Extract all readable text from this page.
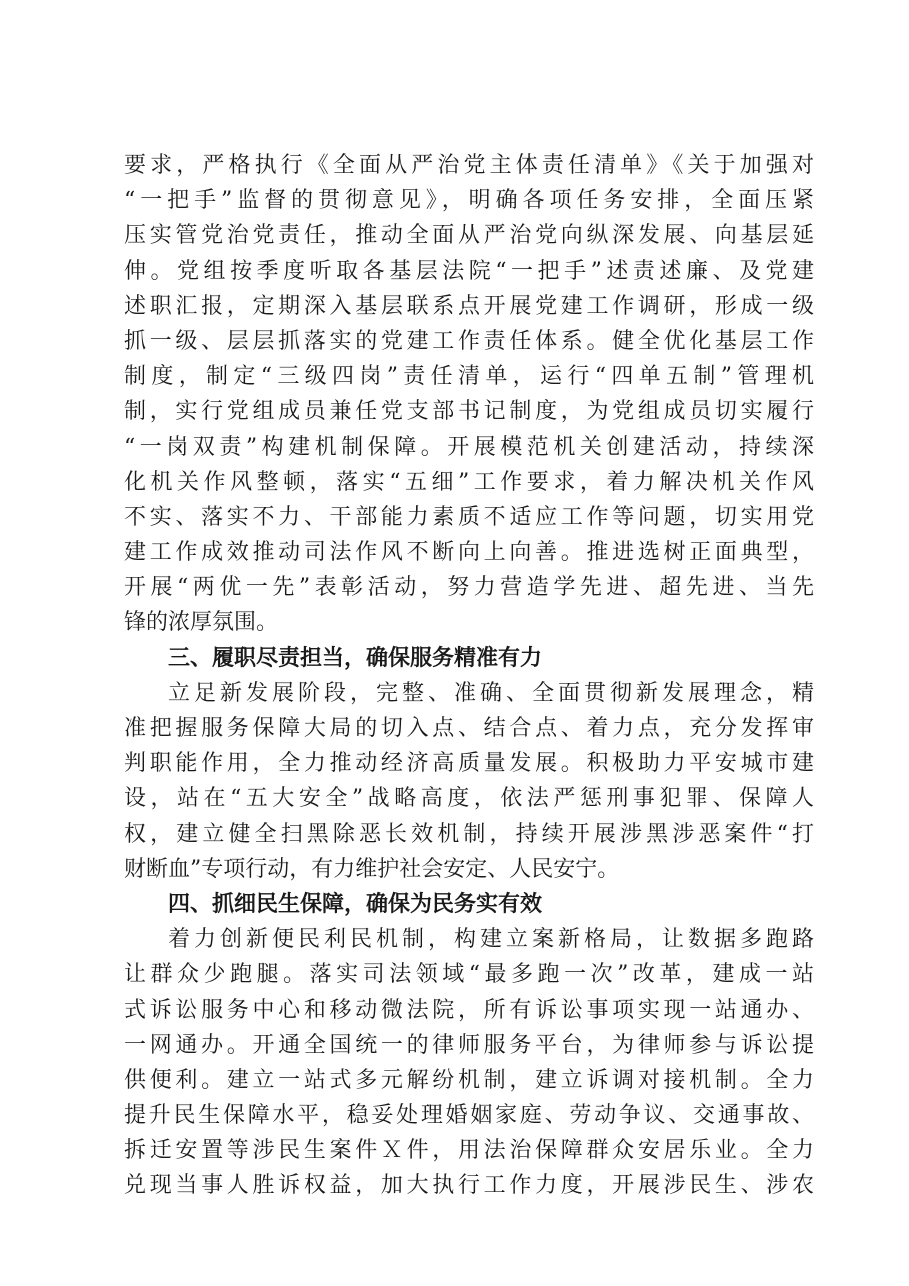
要求，严格执行《全面从严治党主体责任清单》《关于加强对
“一把手”监督的贯彻意见》，明确各项任务安排，全面压紧
压实管党治党责任，推动全面从严治党向纵深发展、向基层延
伸。党组按季度听取各基层法院“一把手”述责述廉、及党建
述职汇报，定期深入基层联系点开展党建工作调研，形成一级
抓一级、层层抓落实的党建工作责任体系。健全优化基层工作
制度，制定“三级四岗”责任清单，运行“四单五制”管理机
制，实行党组成员兼任党支部书记制度，为党组成员切实履行
“一岗双责”构建机制保障。开展模范机关创建活动，持续深
化机关作风整顿，落实“五细”工作要求，着力解决机关作风
不实、落实不力、干部能力素质不适应工作等问题，切实用党
建工作成效推动司法作风不断向上向善。推进选树正面典型，
开展“两优一先”表彰活动，努力营造学先进、超先进、当先
锋的浓厚氛围。
三、履职尽责担当，确保服务精准有力
立足新发展阶段，完整、准确、全面贯彻新发展理念，精
准把握服务保障大局的切入点、结合点、着力点，充分发挥审
判职能作用，全力推动经济高质量发展。积极助力平安城市建
设，站在“五大安全”战略高度，依法严惩刑事犯罪、保障人
权，建立健全扫黑除恶长效机制，持续开展涉黑涉恶案件“打
财断血”专项行动，有力维护社会安定、人民安宁。
四、抓细民生保障，确保为民务实有效
着力创新便民利民机制，构建立案新格局，让数据多跑路
让群众少跑腿。落实司法领域“最多跑一次”改革，建成一站
式诉讼服务中心和移动微法院，所有诉讼事项实现一站通办、
一网通办。开通全国统一的律师服务平台，为律师参与诉讼提
供便利。建立一站式多元解纷机制，建立诉调对接机制。全力
提升民生保障水平，稳妥处理婚姻家庭、劳动争议、交通事故、
拆迁安置等涉民生案件Ｘ件，用法治保障群众安居乐业。全力
兑现当事人胜诉权益，加大执行工作力度，开展涉民生、涉农
